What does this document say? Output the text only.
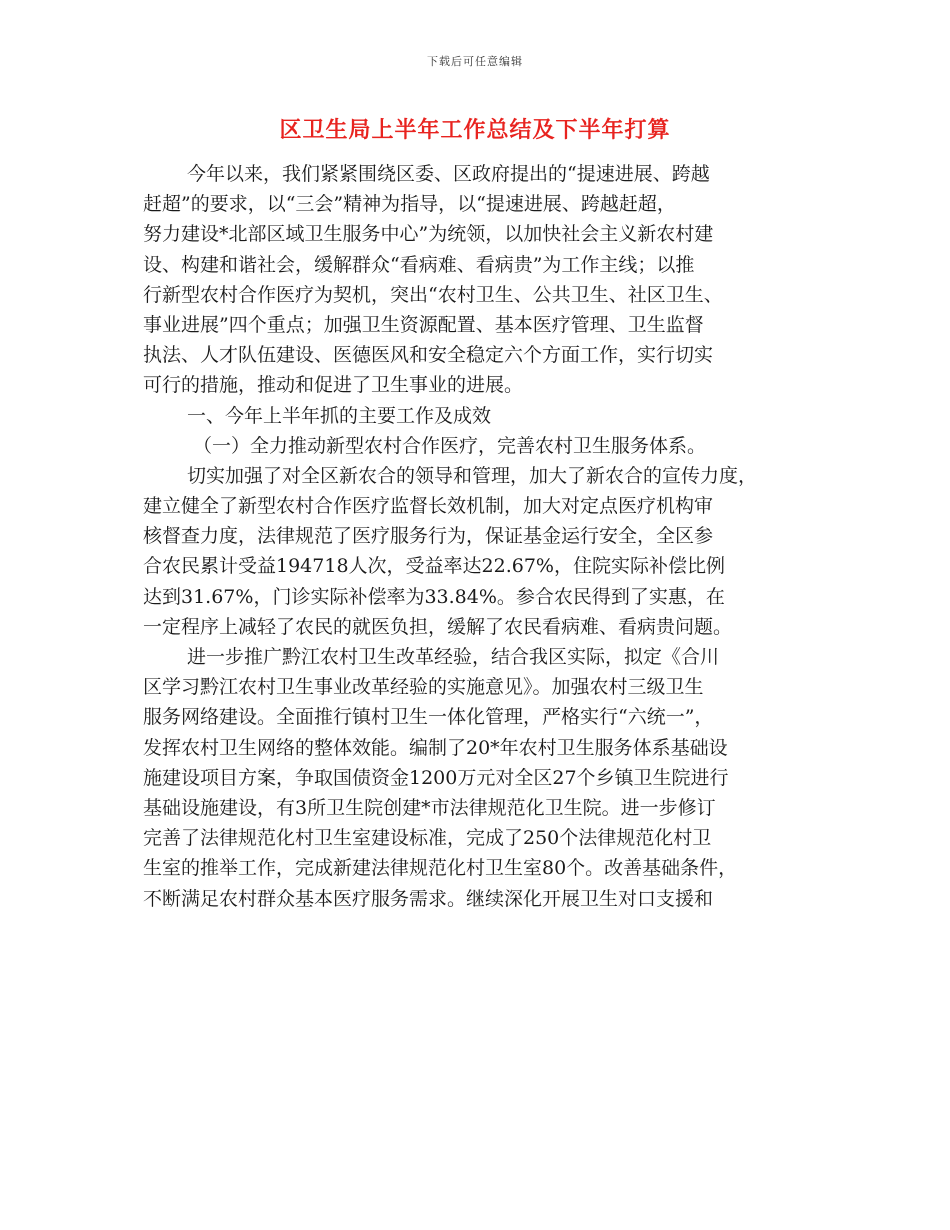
下载后可任意编辑
区卫生局上半年工作总结及下半年打算
今年以来，我们紧紧围绕区委、区政府提出的“提速进展、跨越
赶超”的要求，以“三会”精神为指导，以“提速进展、跨越赶超，
努力建设*北部区域卫生服务中心”为统领，以加快社会主义新农村建
设、构建和谐社会，缓解群众“看病难、看病贵”为工作主线；以推
行新型农村合作医疗为契机，突出“农村卫生、公共卫生、社区卫生、
事业进展”四个重点；加强卫生资源配置、基本医疗管理、卫生监督
执法、人才队伍建设、医德医风和安全稳定六个方面工作，实行切实
可行的措施，推动和促进了卫生事业的进展。
一、今年上半年抓的主要工作及成效
（一）全力推动新型农村合作医疗，完善农村卫生服务体系。
切实加强了对全区新农合的领导和管理，加大了新农合的宣传力度，
建立健全了新型农村合作医疗监督长效机制，加大对定点医疗机构审
核督查力度，法律规范了医疗服务行为，保证基金运行安全，全区参
合农民累计受益194718人次，受益率达22.67%，住院实际补偿比例
达到31.67%，门诊实际补偿率为33.84%。参合农民得到了实惠，在
一定程序上减轻了农民的就医负担，缓解了农民看病难、看病贵问题。
进一步推广黔江农村卫生改革经验，结合我区实际，拟定《合川
区学习黔江农村卫生事业改革经验的实施意见》。加强农村三级卫生
服务网络建设。全面推行镇村卫生一体化管理，严格实行“六统一”，
发挥农村卫生网络的整体效能。编制了20*年农村卫生服务体系基础设
施建设项目方案，争取国债资金1200万元对全区27个乡镇卫生院进行
基础设施建设，有3所卫生院创建*市法律规范化卫生院。进一步修订
完善了法律规范化村卫生室建设标准，完成了250个法律规范化村卫
生室的推举工作，完成新建法律规范化村卫生室80个。改善基础条件，
不断满足农村群众基本医疗服务需求。继续深化开展卫生对口支援和
